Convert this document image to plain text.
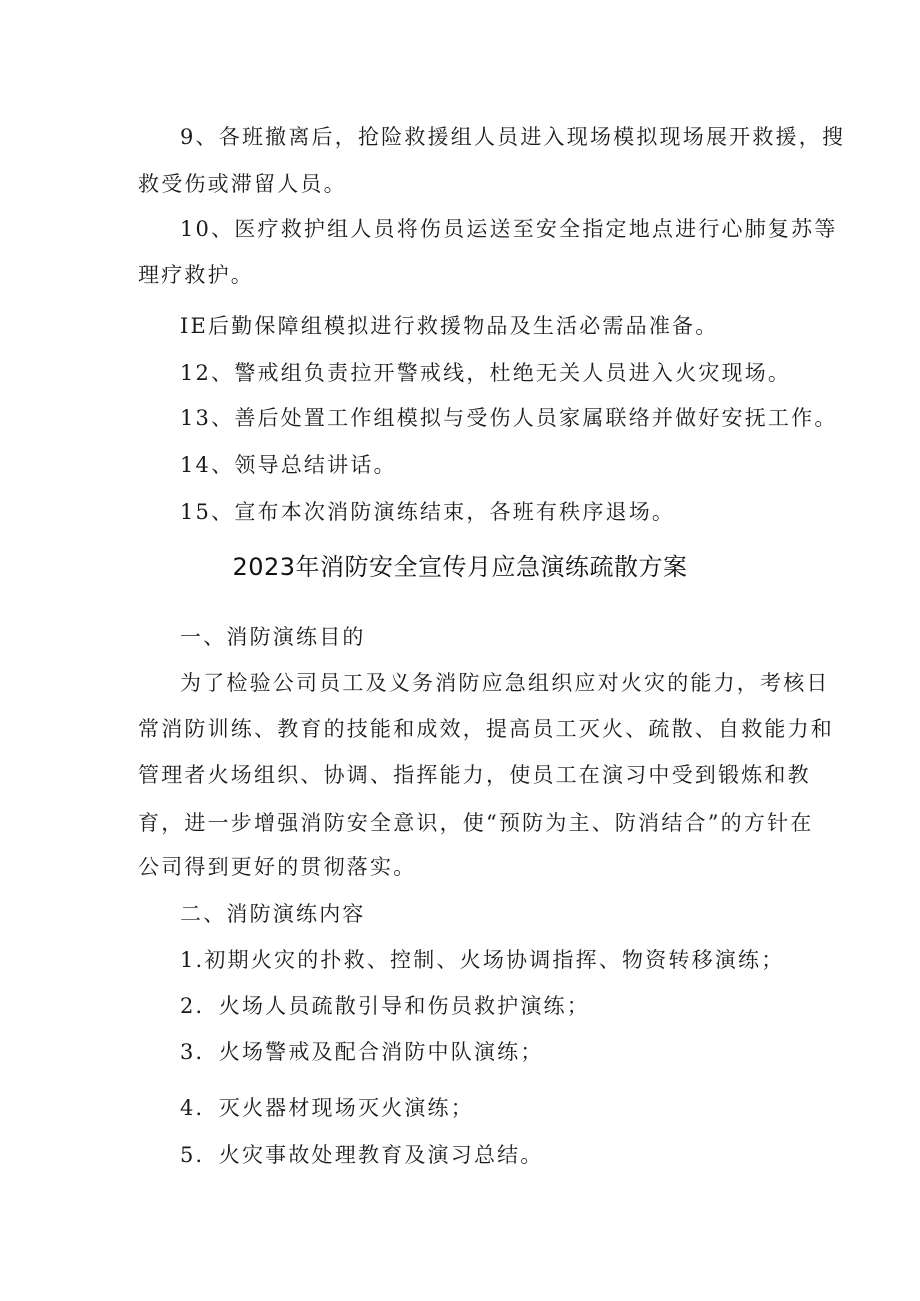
9、各班撤离后，抢险救援组人员进入现场模拟现场展开救援，搜
救受伤或滞留人员。
10、医疗救护组人员将伤员运送至安全指定地点进行心肺复苏等
理疗救护。
IE后勤保障组模拟进行救援物品及生活必需品准备。
12、警戒组负责拉开警戒线，杜绝无关人员进入火灾现场。
13、善后处置工作组模拟与受伤人员家属联络并做好安抚工作。
14、领导总结讲话。
15、宣布本次消防演练结束，各班有秩序退场。
2023年消防安全宣传月应急演练疏散方案
一、消防演练目的
为了检验公司员工及义务消防应急组织应对火灾的能力，考核日
常消防训练、教育的技能和成效，提高员工灭火、疏散、自救能力和
管理者火场组织、协调、指挥能力，使员工在演习中受到锻炼和教
育，进一步增强消防安全意识，使“预防为主、防消结合”的方针在
公司得到更好的贯彻落实。
二、消防演练内容
1.初期火灾的扑救、控制、火场协调指挥、物资转移演练；
2．火场人员疏散引导和伤员救护演练；
3．火场警戒及配合消防中队演练；
4．灭火器材现场灭火演练；
5．火灾事故处理教育及演习总结。
